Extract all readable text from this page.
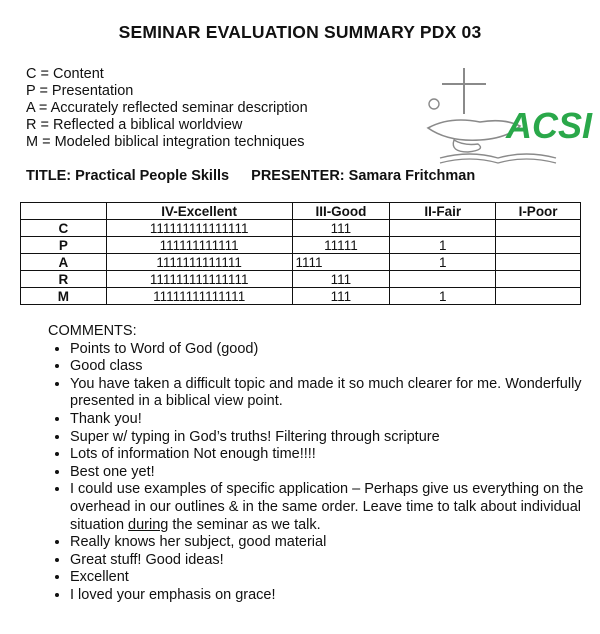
SEMINAR EVALUATION SUMMARY PDX 03
C = Content
P = Presentation
A = Accurately reflected seminar description
R = Reflected a biblical worldview
M = Modeled biblical integration techniques	ACSI
TITLE: Practical People Skills PRESENTER: Samara Fritchman
	IV-Excellent	III-Good	II-Fair	I-Poor
C	111111111111111	111		
P	111111111111	11111	1	
A	1111111111111	1111	1	
R	111111111111111	111		
M	11111111111111	111	1	
COMMENTS:
• Points to Word of God (good)
• Good class
• You have taken a difficult topic and made it so much clearer for me. Wonderfully presented in a biblical view point.
• Thank you!
• Super w/ typing in God’s truths! Filtering through scripture
• Lots of information Not enough time!!!!
• Best one yet!
• I could use examples of specific application – Perhaps give us everything on the overhead in our outlines & in the same order. Leave time to talk about individual situation during the seminar as we talk.
• Really knows her subject, good material
• Great stuff! Good ideas!
• Excellent
• I loved your emphasis on grace!
